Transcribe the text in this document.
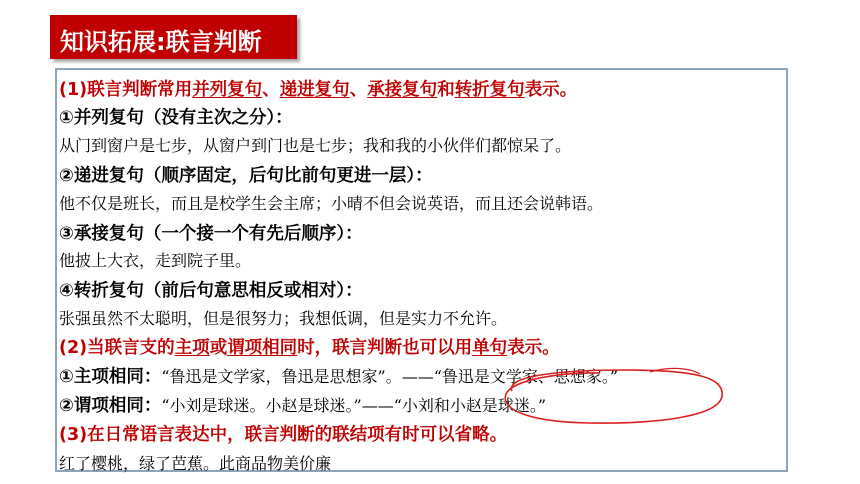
知识拓展:联言判断
(1)联言判断常用并列复句、递进复句、承接复句和转折复句表示。
①并列复句（没有主次之分）：
从门到窗户是七步，从窗户到门也是七步；我和我的小伙伴们都惊呆了。
②递进复句（顺序固定，后句比前句更进一层）：
他不仅是班长，而且是校学生会主席；小晴不但会说英语，而且还会说韩语。
③承接复句（一个接一个有先后顺序）：
他披上大衣，走到院子里。
④转折复句（前后句意思相反或相对）：
张强虽然不太聪明，但是很努力；我想低调，但是实力不允许。
(2)当联言支的主项或谓项相同时，联言判断也可以用单句表示。
①主项相同：“鲁迅是文学家，鲁迅是思想家”。——“鲁迅是文学家、思想家。”
②谓项相同：“小刘是球迷。小赵是球迷。”——“小刘和小赵是球迷。”
(3)在日常语言表达中，联言判断的联结项有时可以省略。
红了樱桃，绿了芭蕉。此商品物美价廉
